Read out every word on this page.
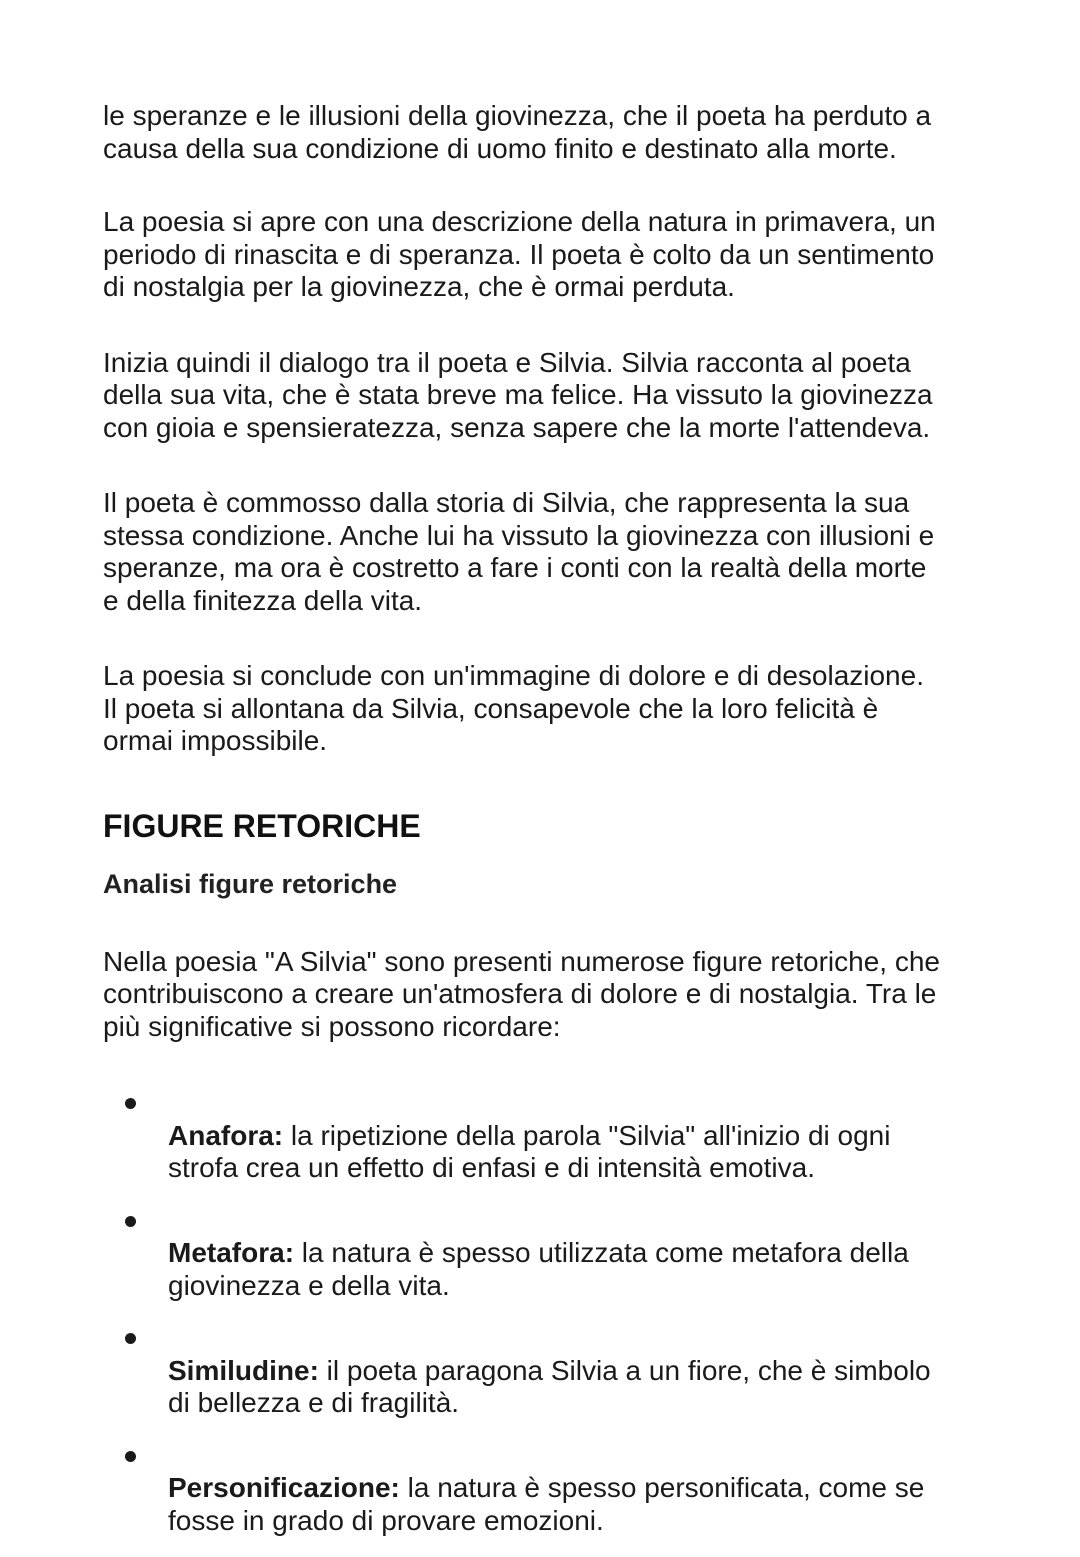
le speranze e le illusioni della giovinezza, che il poeta ha perduto a
causa della sua condizione di uomo finito e destinato alla morte.

La poesia si apre con una descrizione della natura in primavera, un
periodo di rinascita e di speranza. Il poeta è colto da un sentimento
di nostalgia per la giovinezza, che è ormai perduta.

Inizia quindi il dialogo tra il poeta e Silvia. Silvia racconta al poeta
della sua vita, che è stata breve ma felice. Ha vissuto la giovinezza
con gioia e spensieratezza, senza sapere che la morte l'attendeva.

Il poeta è commosso dalla storia di Silvia, che rappresenta la sua
stessa condizione. Anche lui ha vissuto la giovinezza con illusioni e
speranze, ma ora è costretto a fare i conti con la realtà della morte
e della finitezza della vita.

La poesia si conclude con un'immagine di dolore e di desolazione.
Il poeta si allontana da Silvia, consapevole che la loro felicità è
ormai impossibile.

FIGURE RETORICHE
Analisi figure retoriche

Nella poesia "A Silvia" sono presenti numerose figure retoriche, che
contribuiscono a creare un'atmosfera di dolore e di nostalgia. Tra le
più significative si possono ricordare:

Anafora: la ripetizione della parola "Silvia" all'inizio di ogni
strofa crea un effetto di enfasi e di intensità emotiva.

Metafora: la natura è spesso utilizzata come metafora della
giovinezza e della vita.

Similudine: il poeta paragona Silvia a un fiore, che è simbolo
di bellezza e di fragilità.

Personificazione: la natura è spesso personificata, come se
fosse in grado di provare emozioni.
